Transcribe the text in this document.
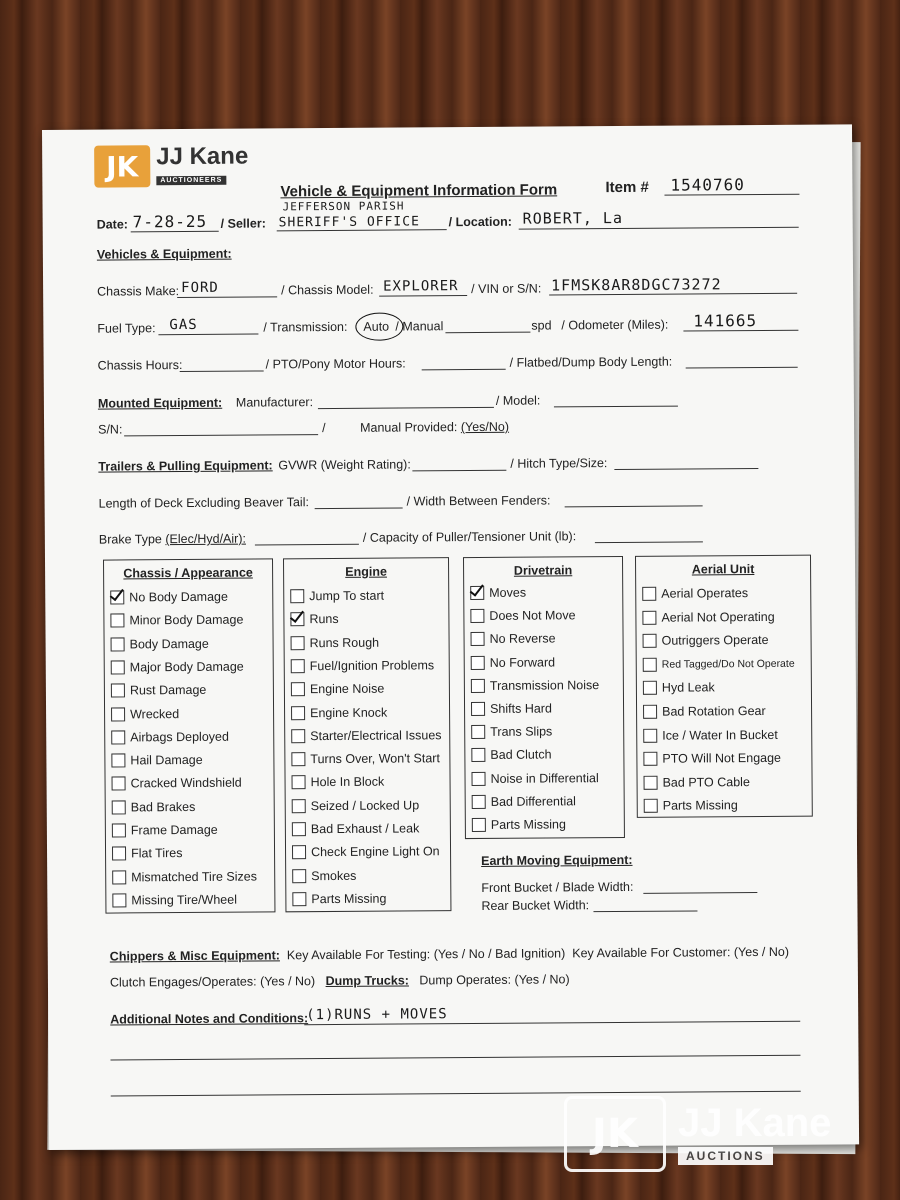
JK JJ Kane
AUCTIONEERS
Vehicle & Equipment Information Form	Item # 1540760
Date: 7-28-25 / Seller:
JEFFERSON PARISH
SHERIFF'S OFFICE / Location: ROBERT, La
Vehicles & Equipment:
Chassis Make: FORD	/ Chassis Model: EXPLORER / VIN or S/N: 1FMSK8AR8DGC73272
Fuel Type: GAS	/ Transmission: Auto / Manual	spd / Odometer (Miles): 141665
Chassis Hours:	/ PTO/Pony Motor Hours:	/ Flatbed/Dump Body Length:
Mounted Equipment: Manufacturer:	/ Model:
S/N:	/	Manual Provided: (Yes/No)
Trailers & Pulling Equipment: GVWR (Weight Rating):	/ Hitch Type/Size:
Length of Deck Excluding Beaver Tail:	/ Width Between Fenders:
Brake Type (Elec/Hyd/Air):	/ Capacity of Puller/Tensioner Unit (lb):
Chassis / Appearance
No Body Damage
Minor Body Damage
Body Damage
Major Body Damage
Rust Damage
Wrecked
Airbags Deployed
Hail Damage
Cracked Windshield
Bad Brakes
Frame Damage
Flat Tires
Mismatched Tire Sizes
Missing Tire/Wheel
Engine
Jump To start
Runs
Runs Rough
Fuel/Ignition Problems
Engine Noise
Engine Knock
Starter/Electrical Issues
Turns Over, Won't Start
Hole In Block
Seized / Locked Up
Bad Exhaust / Leak
Check Engine Light On
Smokes
Parts Missing
Drivetrain
Moves
Does Not Move
No Reverse
No Forward
Transmission Noise
Shifts Hard
Trans Slips
Bad Clutch
Noise in Differential
Bad Differential
Parts Missing
Aerial Unit
Aerial Operates
Aerial Not Operating
Outriggers Operate
Red Tagged/Do Not Operate
Hyd Leak
Bad Rotation Gear
Ice / Water In Bucket
PTO Will Not Engage
Bad PTO Cable
Parts Missing
Earth Moving Equipment:
Front Bucket / Blade Width:
Rear Bucket Width:
Chippers & Misc Equipment: Key Available For Testing: (Yes / No / Bad Ignition) Key Available For Customer: (Yes / No)
Clutch Engages/Operates: (Yes / No) Dump Trucks: Dump Operates: (Yes / No)
Additional Notes and Conditions:
(1)RUNS + MOVES
JK	JJ Kane
AUCTIONS
